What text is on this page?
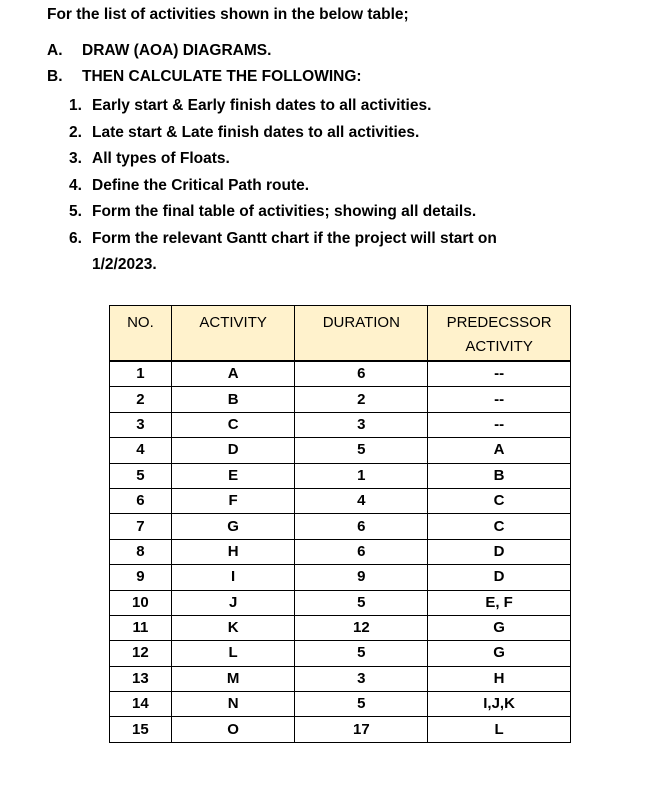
For the list of activities shown in the below table;
A. DRAW (AOA) DIAGRAMS.
B. THEN CALCULATE THE FOLLOWING:
1. Early start & Early finish dates to all activities.
2. Late start & Late finish dates to all activities.
3. All types of Floats.
4. Define the Critical Path route.
5. Form the final table of activities; showing all details.
6. Form the relevant Gantt chart if the project will start on
1/2/2023.
NO.	ACTIVITY	DURATION	PREDECSSOR
ACTIVITY
1	A	6	--
2	B	2	--
3	C	3	--
4	D	5	A
5	E	1	B
6	F	4	C
7	G	6	C
8	H	6	D
9	I	9	D
10	J	5	E, F
11	K	12	G
12	L	5	G
13	M	3	H
14	N	5	I,J,K
15	O	17	L
